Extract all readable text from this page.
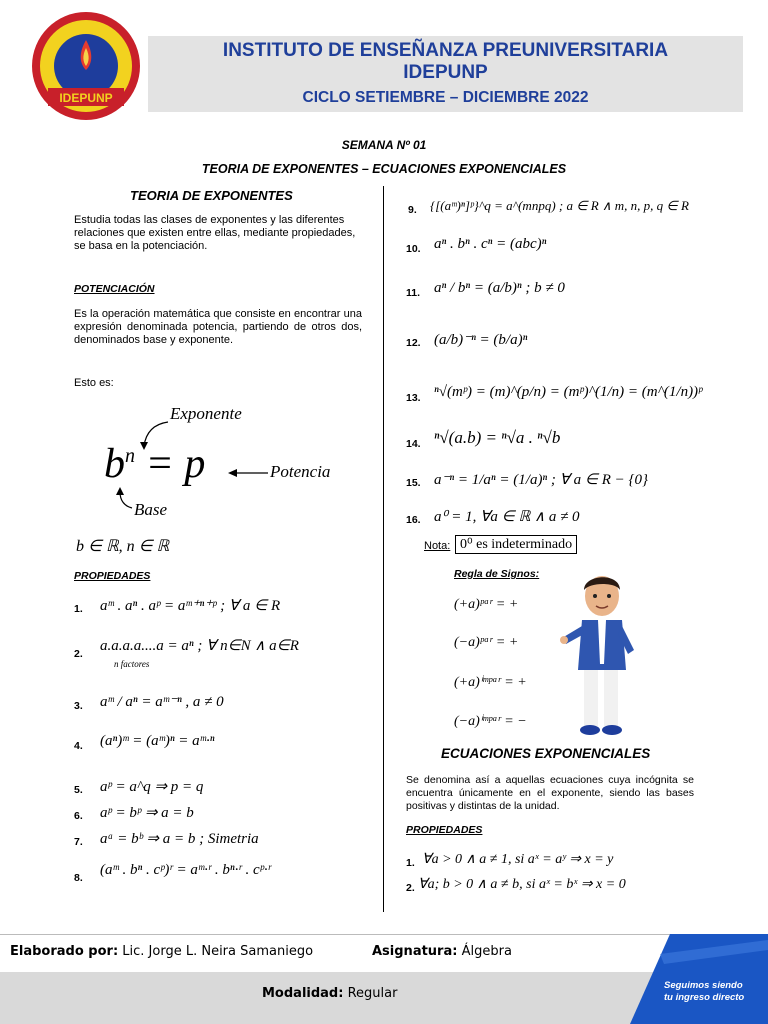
IDEPUNP
INSTITUTO DE ENSEÑANZA PREUNIVERSITARIA
IDEPUNP
CICLO SETIEMBRE – DICIEMBRE 2022
SEMANA Nº 01
TEORIA DE EXPONENTES – ECUACIONES EXPONENCIALES
TEORIA DE EXPONENTES
Estudia todas las clases de exponentes y las diferentes relaciones que existen entre ellas, mediante propiedades, se basa en la potenciación.
POTENCIACIÓN
Es la operación matemática que consiste en encontrar una expresión denominada potencia, partiendo de otros dos, denominados base y exponente.
Esto es:
Exponente
$b^n = p$	Potencia
Base
b ∈ ℝ, n ∈ ℝ
PROPIEDADES
1. aᵐ . aⁿ . aᵖ = aᵐ⁺ⁿ⁺ᵖ ; ∀ a ∈ R
2. a.a.a.a....a = aⁿ ; ∀ n∈N ∧ a∈R
n factores
3. aᵐ / aⁿ = aᵐ⁻ⁿ , a ≠ 0
4. (aⁿ)ᵐ = (aᵐ)ⁿ = aᵐ·ⁿ
5. aᵖ = a^q ⇒ p = q
6. aᵖ = bᵖ ⇒ a = b
7. aᵃ = bᵇ ⇒ a = b ; Simetria
8. (aᵐ . bⁿ . cᵖ)ʳ = aᵐ·ʳ . bⁿ·ʳ . cᵖ·ʳ
9. {[(aᵐ)ⁿ]ᵖ}^q = a^(mnpq) ; a ∈ R ∧ m, n, p, q ∈ R
10. aⁿ . bⁿ . cⁿ = (abc)ⁿ
11. aⁿ / bⁿ = (a/b)ⁿ ; b ≠ 0
12. (a/b)⁻ⁿ = (b/a)ⁿ
13. ⁿ√(mᵖ) = (m)^(p/n) = (mᵖ)^(1/n) = (m^(1/n))ᵖ
14. ⁿ√(a.b) = ⁿ√a . ⁿ√b
15. a⁻ⁿ = 1/aⁿ = (1/a)ⁿ ; ∀ a ∈ R − {0}
16. a⁰ = 1, ∀a ∈ ℝ ∧ a ≠ 0
Nota: 0⁰ es indeterminado
Regla de Signos:
(+a)ᵖᵃʳ = +
(−a)ᵖᵃʳ = +
(+a)ⁱᵐᵖᵃʳ = +
(−a)ⁱᵐᵖᵃʳ = −
ECUACIONES EXPONENCIALES
Se denomina así a aquellas ecuaciones cuya incógnita se encuentra únicamente en el exponente, siendo las bases positivas y distintas de la unidad.
PROPIEDADES
1. ∀a > 0 ∧ a ≠ 1, si aˣ = aʸ ⇒ x = y
2. ∀a; b > 0 ∧ a ≠ b, si aˣ = bˣ ⇒ x = 0
Elaborado por: Lic. Jorge L. Neira Samaniego	Asignatura: Álgebra
Modalidad: Regular
Seguimos siendo
tu ingreso directo
